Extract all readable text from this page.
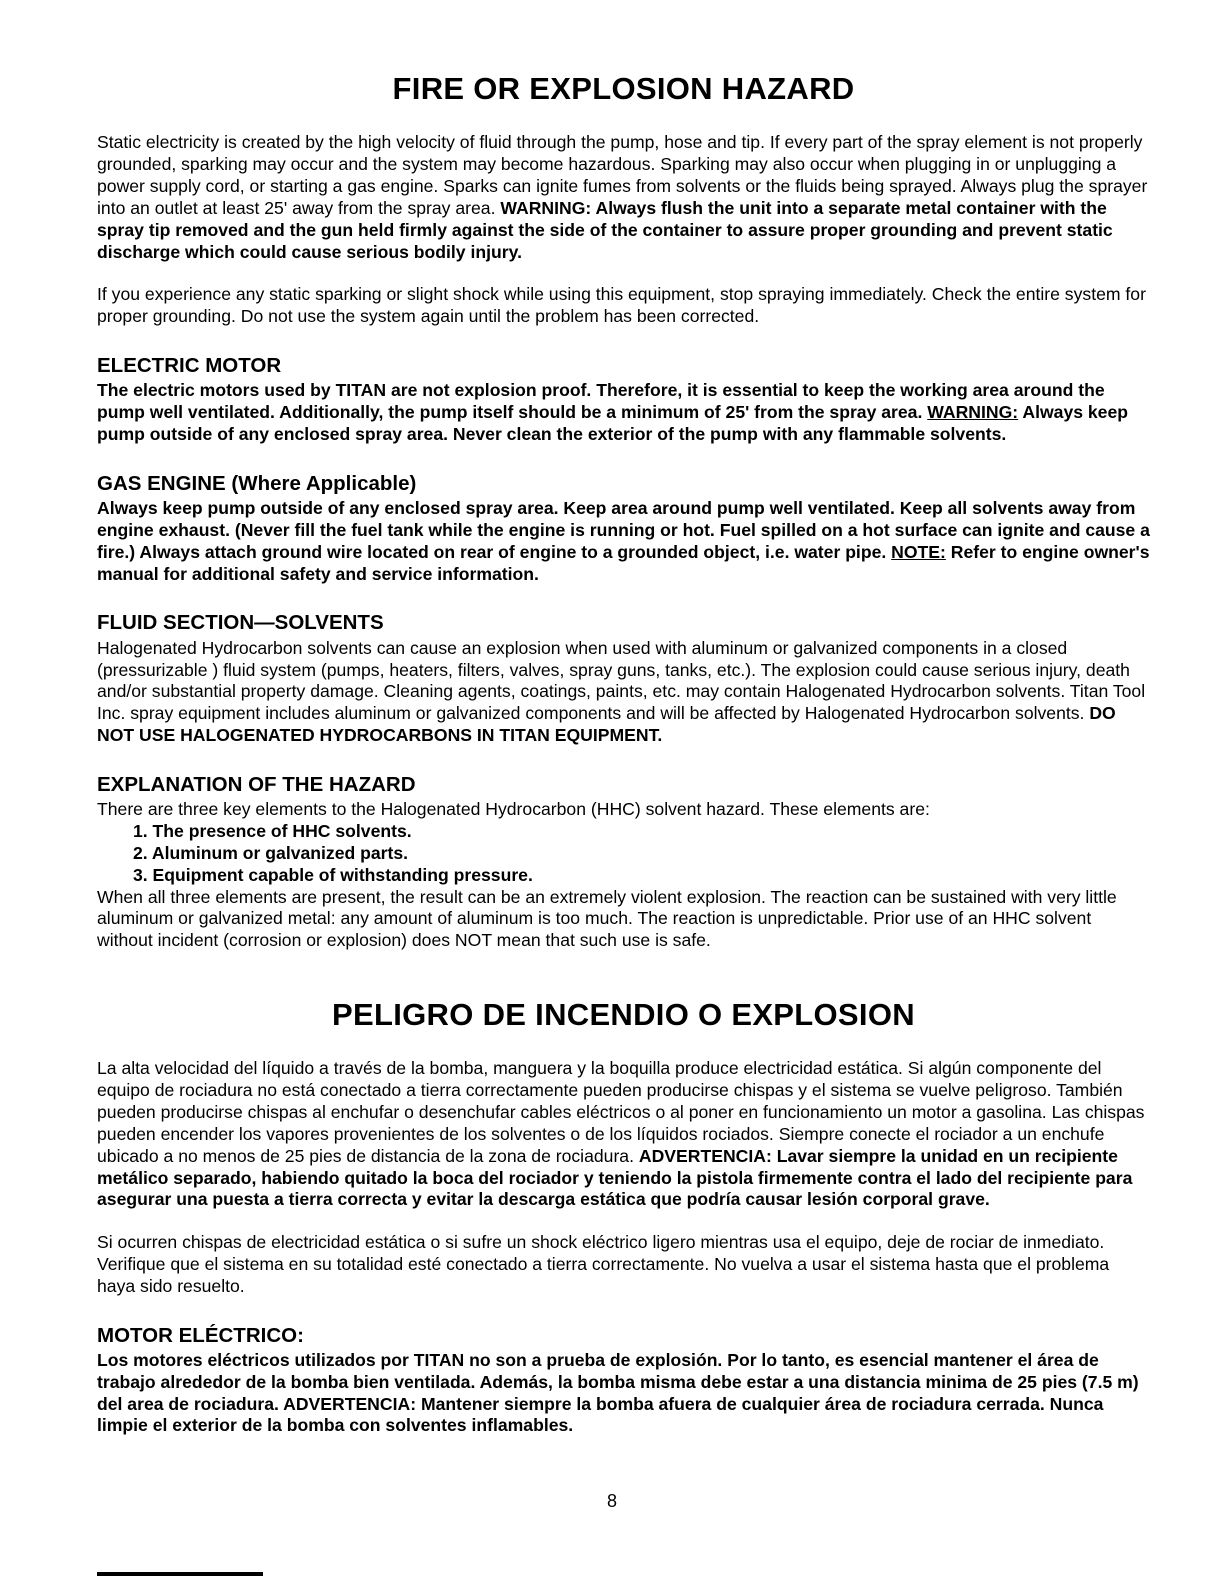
FIRE OR EXPLOSION HAZARD

Static electricity is created by the high velocity of fluid through the pump, hose and tip. If every part of the spray element is not properly grounded, sparking may occur and the system may become hazardous. Sparking may also occur when plugging in or unplugging a power supply cord, or starting a gas engine. Sparks can ignite fumes from solvents or the fluids being sprayed. Always plug the sprayer into an outlet at least 25' away from the spray area. WARNING: Always flush the unit into a separate metal container with the spray tip removed and the gun held firmly against the side of the container to assure proper grounding and prevent static discharge which could cause serious bodily injury.

If you experience any static sparking or slight shock while using this equipment, stop spraying immediately. Check the entire system for proper grounding. Do not use the system again until the problem has been corrected.

ELECTRIC MOTOR

The electric motors used by TITAN are not explosion proof. Therefore, it is essential to keep the working area around the pump well ventilated. Additionally, the pump itself should be a minimum of 25' from the spray area. WARNING: Always keep pump outside of any enclosed spray area. Never clean the exterior of the pump with any flammable solvents.

GAS ENGINE (Where Applicable)

Always keep pump outside of any enclosed spray area. Keep area around pump well ventilated. Keep all solvents away from engine exhaust. (Never fill the fuel tank while the engine is running or hot. Fuel spilled on a hot surface can ignite and cause a fire.) Always attach ground wire located on rear of engine to a grounded object, i.e. water pipe. NOTE: Refer to engine owner's manual for additional safety and service information.

FLUID SECTION—SOLVENTS

Halogenated Hydrocarbon solvents can cause an explosion when used with aluminum or galvanized components in a closed (pressurizable ) fluid system (pumps, heaters, filters, valves, spray guns, tanks, etc.). The explosion could cause serious injury, death and/or substantial property damage. Cleaning agents, coatings, paints, etc. may contain Halogenated Hydrocarbon solvents. Titan Tool Inc. spray equipment includes aluminum or galvanized components and will be affected by Halogenated Hydrocarbon solvents. DO NOT USE HALOGENATED HYDROCARBONS IN TITAN EQUIPMENT.

EXPLANATION OF THE HAZARD

There are three key elements to the Halogenated Hydrocarbon (HHC) solvent hazard. These elements are:

1. The presence of HHC solvents.
2. Aluminum or galvanized parts.
3. Equipment capable of withstanding pressure.

When all three elements are present, the result can be an extremely violent explosion. The reaction can be sustained with very little aluminum or galvanized metal: any amount of aluminum is too much. The reaction is unpredictable. Prior use of an HHC solvent without incident (corrosion or explosion) does NOT mean that such use is safe.

PELIGRO DE INCENDIO O EXPLOSION

La alta velocidad del líquido a través de la bomba, manguera y la boquilla produce electricidad estática. Si algún componente del equipo de rociadura no está conectado a tierra correctamente pueden producirse chispas y el sistema se vuelve peligroso. También pueden producirse chispas al enchufar o desenchufar cables eléctricos o al poner en funcionamiento un motor a gasolina. Las chispas pueden encender los vapores provenientes de los solventes o de los líquidos rociados. Siempre conecte el rociador a un enchufe ubicado a no menos de 25 pies de distancia de la zona de rociadura. ADVERTENCIA: Lavar siempre la unidad en un recipiente metálico separado, habiendo quitado la boca del rociador y teniendo la pistola firmemente contra el lado del recipiente para asegurar una puesta a tierra correcta y evitar la descarga estática que podría causar lesión corporal grave.

Si ocurren chispas de electricidad estática o si sufre un shock eléctrico ligero mientras usa el equipo, deje de rociar de inmediato. Verifique que el sistema en su totalidad esté conectado a tierra correctamente. No vuelva a usar el sistema hasta que el problema haya sido resuelto.

MOTOR ELÉCTRICO:

Los motores eléctricos utilizados por TITAN no son a prueba de explosión. Por lo tanto, es esencial mantener el área de trabajo alrededor de la bomba bien ventilada. Además, la bomba misma debe estar a una distancia minima de 25 pies (7.5 m) del area de rociadura. ADVERTENCIA: Mantener siempre la bomba afuera de cualquier área de rociadura cerrada. Nunca limpie el exterior de la bomba con solventes inflamables.

8
